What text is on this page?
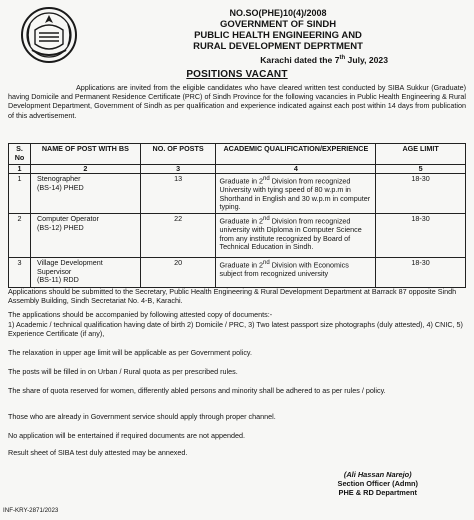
NO.SO(PHE)10(4)/2008
GOVERNMENT OF SINDH
PUBLIC HEALTH ENGINEERING AND
RURAL DEVELOPMENT DEPRTMENT
Karachi dated the 7th July, 2023
POSITIONS VACANT
Applications are invited from the eligible candidates who have cleared written test conducted by SIBA Sukkur (Graduate) having Domicile and Permanent Residence Certificate (PRC) of Sindh Province for the following vacancies in Public Health Engineering & Rural Development Department, Government of Sindh as per qualification and experience indicated against each post within 14 days from publication of this advertisement.
S. No	NAME OF POST WITH BS	NO. OF POSTS	ACADEMIC QUALIFICATION/EXPERIENCE	AGE LIMIT
1	2	3	4	5
1	Stenographer
(BS-14) PHED	13	Graduate in 2nd Division from recognized University with tying speed of 80 w.p.m in Shorthand in English and 30 w.p.m in computer typing.	18-30
2	Computer Operator
(BS-12) PHED	22	Graduate in 2nd Division from recognized university with Diploma in Computer Science from any institute recognized by Board of Technical Education in Sindh.	18-30
3	Village Development Supervisor
(BS-11) RDD	20	Graduate in 2nd Division with Economics subject from recognized university	18-30
Applications should be submitted to the Secretary, Public Health Engineering & Rural Development Department at Barrack 87 opposite Sindh Assembly Building, Sindh Secretariat No. 4-B, Karachi.
The applications should be accompanied by following attested copy of documents:-
1) Academic / technical qualification having date of birth 2) Domicile / PRC, 3) Two latest passport size photographs (duly attested), 4) CNIC, 5) Experience Certificate (if any),
The relaxation in upper age limit will be applicable as per Government policy.
The posts will be filled in on Urban / Rural quota as per prescribed rules.
The share of quota reserved for women, differently abled persons and minority shall be adhered to as per rules / policy.
Those who are already in Government service should apply through proper channel.
No application will be entertained if required documents are not appended.
Result sheet of SIBA test duly attested may be annexed.
(Ali Hassan Narejo)
Section Officer (Admn)
PHE & RD Department
INF-KRY-2871/2023
